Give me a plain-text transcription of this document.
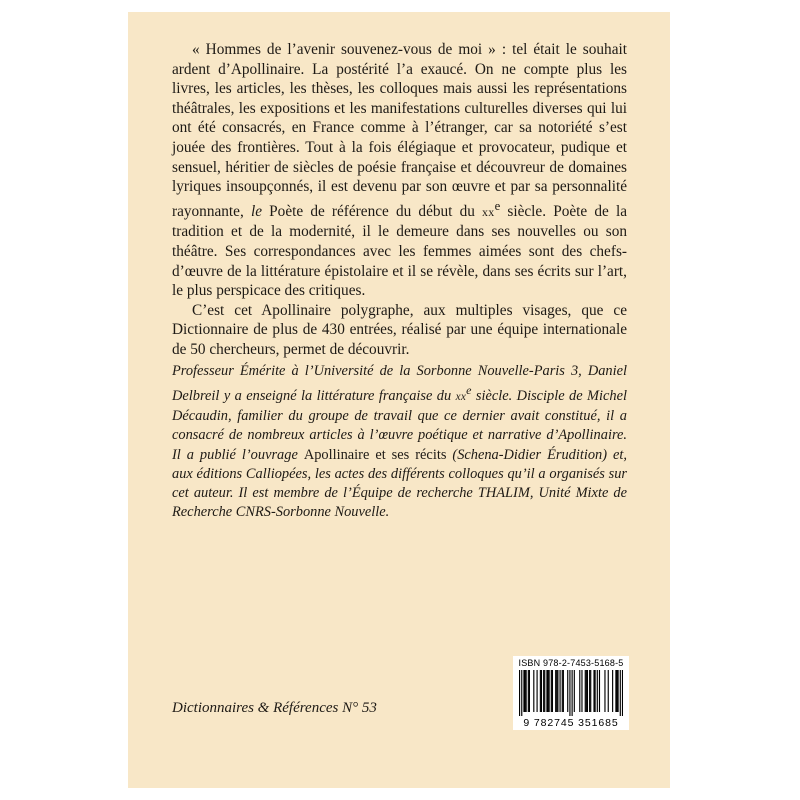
« Hommes de l’avenir souvenez-vous de moi » : tel était le souhait ardent d’Apollinaire. La postérité l’a exaucé. On ne compte plus les livres, les articles, les thèses, les colloques mais aussi les représentations théâtrales, les expositions et les manifestations culturelles diverses qui lui ont été consacrés, en France comme à l’étranger, car sa notoriété s’est jouée des frontières. Tout à la fois élégiaque et provocateur, pudique et sensuel, héritier de siècles de poésie française et découvreur de domaines lyriques insoupçonnés, il est devenu par son œuvre et par sa personnalité rayonnante, le Poète de référence du début du $xx^e$ siècle. Poète de la tradition et de la modernité, il le demeure dans ses nouvelles ou son théâtre. Ses correspondances avec les femmes aimées sont des chefs-d’œuvre de la littérature épistolaire et il se révèle, dans ses écrits sur l’art, le plus perspicace des critiques.

C’est cet Apollinaire polygraphe, aux multiples visages, que ce Dictionnaire de plus de 430 entrées, réalisé par une équipe internationale de 50 chercheurs, permet de découvrir.

Professeur Émérite à l’Université de la Sorbonne Nouvelle-Paris 3, Daniel Delbreil y a enseigné la littérature française du $xx^e$ siècle. Disciple de Michel Décaudin, familier du groupe de travail que ce dernier avait constitué, il a consacré de nombreux articles à l’œuvre poétique et narrative d’Apollinaire. Il a publié l’ouvrage Apollinaire et ses récits (Schena-Didier Érudition) et, aux éditions Calliopées, les actes des différents colloques qu’il a organisés sur cet auteur. Il est membre de l’Équipe de recherche THALIM, Unité Mixte de Recherche CNRS-Sorbonne Nouvelle.

Dictionnaires & Références N° 53
ISBN 978-2-7453-5168-5
9 782745 351685
